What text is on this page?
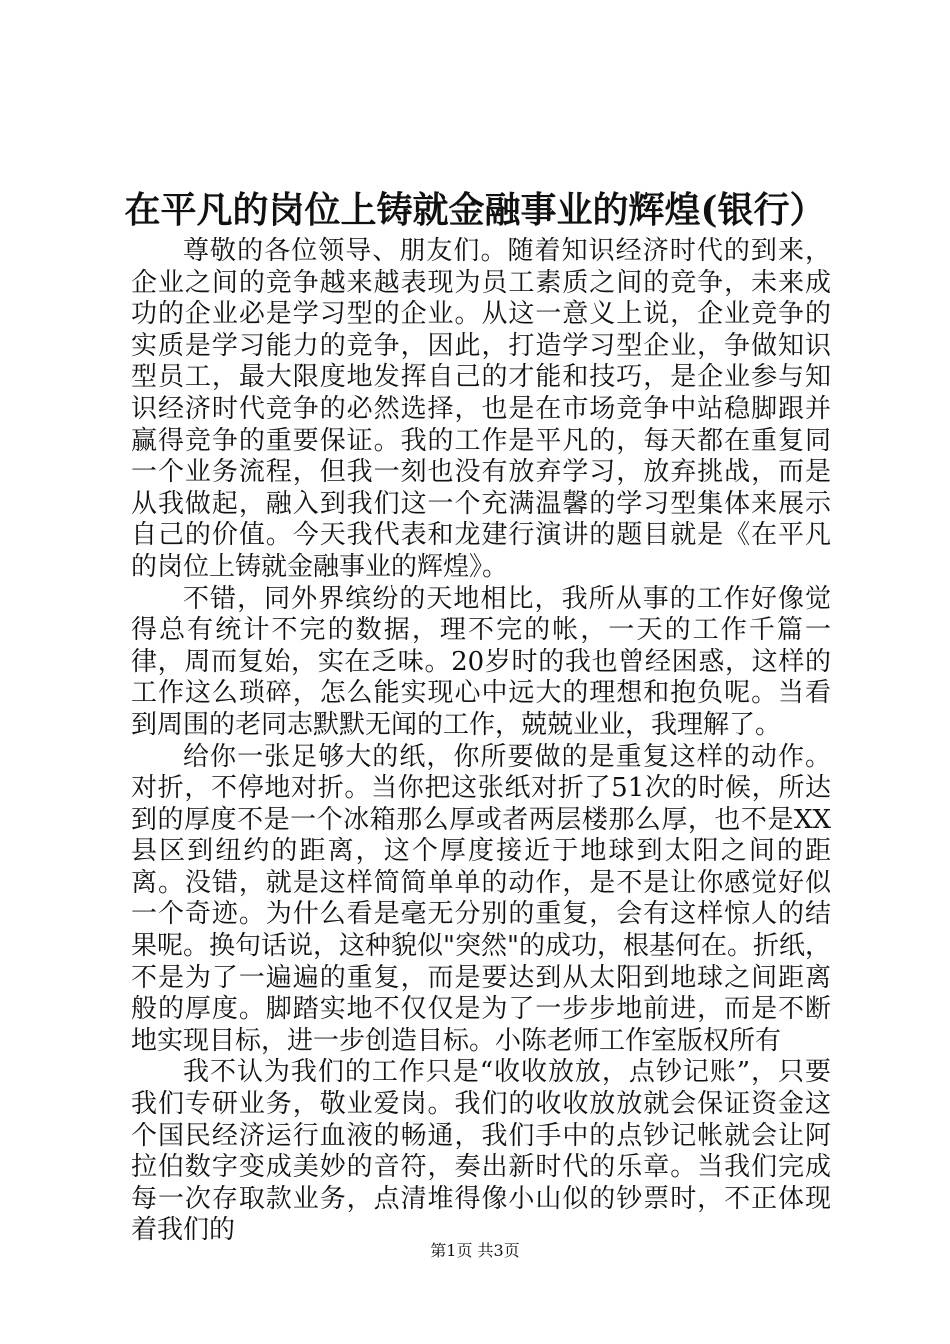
在平凡的岗位上铸就金融事业的辉煌(银行）

尊敬的各位领导、朋友们。随着知识经济时代的到来，企业之间的竞争越来越表现为员工素质之间的竞争，未来成功的企业必是学习型的企业。从这一意义上说，企业竞争的实质是学习能力的竞争，因此，打造学习型企业，争做知识型员工，最大限度地发挥自己的才能和技巧，是企业参与知识经济时代竞争的必然选择，也是在市场竞争中站稳脚跟并赢得竞争的重要保证。我的工作是平凡的，每天都在重复同一个业务流程，但我一刻也没有放弃学习，放弃挑战，而是从我做起，融入到我们这一个充满温馨的学习型集体来展示自己的价值。今天我代表和龙建行演讲的题目就是《在平凡的岗位上铸就金融事业的辉煌》。

不错，同外界缤纷的天地相比，我所从事的工作好像觉得总有统计不完的数据，理不完的帐，一天的工作千篇一律，周而复始，实在乏味。20岁时的我也曾经困惑，这样的工作这么琐碎，怎么能实现心中远大的理想和抱负呢。当看到周围的老同志默默无闻的工作，兢兢业业，我理解了。

给你一张足够大的纸，你所要做的是重复这样的动作。对折，不停地对折。当你把这张纸对折了51次的时候，所达到的厚度不是一个冰箱那么厚或者两层楼那么厚，也不是XX县区到纽约的距离，这个厚度接近于地球到太阳之间的距离。没错，就是这样简简单单的动作，是不是让你感觉好似一个奇迹。为什么看是毫无分别的重复，会有这样惊人的结果呢。换句话说，这种貌似"突然"的成功，根基何在。折纸，不是为了一遍遍的重复，而是要达到从太阳到地球之间距离般的厚度。脚踏实地不仅仅是为了一步步地前进，而是不断地实现目标，进一步创造目标。小陈老师工作室版权所有

我不认为我们的工作只是“收收放放，点钞记账”，只要我们专研业务，敬业爱岗。我们的收收放放就会保证资金这个国民经济运行血液的畅通，我们手中的点钞记帐就会让阿拉伯数字变成美妙的音符，奏出新时代的乐章。当我们完成每一次存取款业务，点清堆得像小山似的钞票时，不正体现着我们的

第1页 共3页
